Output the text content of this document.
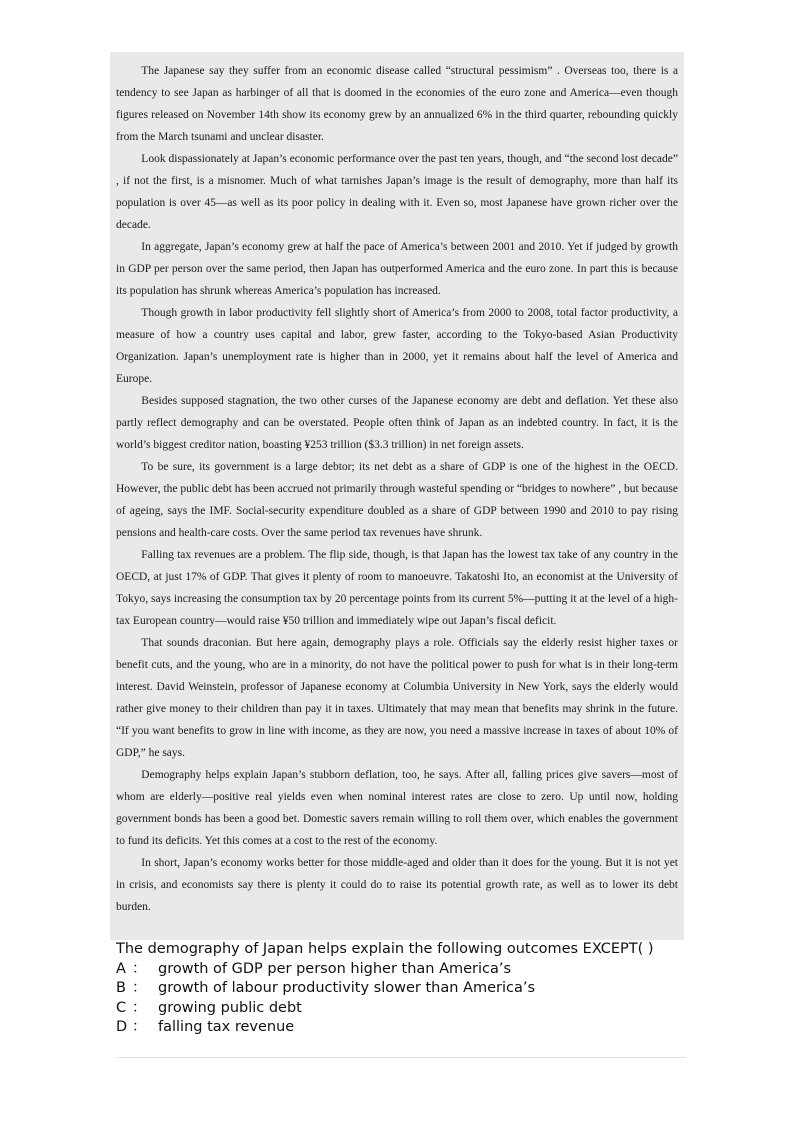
The Japanese say they suffer from an economic disease called “structural pessimism” . Overseas too, there is a tendency to see Japan as harbinger of all that is doomed in the economies of the euro zone and America—even though figures released on November 14th show its economy grew by an annualized 6% in the third quarter, rebounding quickly from the March tsunami and unclear disaster.

Look dispassionately at Japan’s economic performance over the past ten years, though, and “the second lost decade” , if not the first, is a misnomer. Much of what tarnishes Japan’s image is the result of demography, more than half its population is over 45—as well as its poor policy in dealing with it. Even so, most Japanese have grown richer over the decade.

In aggregate, Japan’s economy grew at half the pace of America’s between 2001 and 2010. Yet if judged by growth in GDP per person over the same period, then Japan has outperformed America and the euro zone. In part this is because its population has shrunk whereas America’s population has increased.

Though growth in labor productivity fell slightly short of America’s from 2000 to 2008, total factor productivity, a measure of how a country uses capital and labor, grew faster, according to the Tokyo-based Asian Productivity Organization. Japan’s unemployment rate is higher than in 2000, yet it remains about half the level of America and Europe.

Besides supposed stagnation, the two other curses of the Japanese economy are debt and deflation. Yet these also partly reflect demography and can be overstated. People often think of Japan as an indebted country. In fact, it is the world’s biggest creditor nation, boasting ¥253 trillion ($3.3 trillion) in net foreign assets.

To be sure, its government is a large debtor; its net debt as a share of GDP is one of the highest in the OECD. However, the public debt has been accrued not primarily through wasteful spending or “bridges to nowhere” , but because of ageing, says the IMF. Social-security expenditure doubled as a share of GDP between 1990 and 2010 to pay rising pensions and health-care costs. Over the same period tax revenues have shrunk.

Falling tax revenues are a problem. The flip side, though, is that Japan has the lowest tax take of any country in the OECD, at just 17% of GDP. That gives it plenty of room to manoeuvre. Takatoshi Ito, an economist at the University of Tokyo, says increasing the consumption tax by 20 percentage points from its current 5%—putting it at the level of a high-tax European country—would raise ¥50 trillion and immediately wipe out Japan’s fiscal deficit.

That sounds draconian. But here again, demography plays a role. Officials say the elderly resist higher taxes or benefit cuts, and the young, who are in a minority, do not have the political power to push for what is in their long-term interest. David Weinstein, professor of Japanese economy at Columbia University in New York, says the elderly would rather give money to their children than pay it in taxes. Ultimately that may mean that benefits may shrink in the future. “If you want benefits to grow in line with income, as they are now, you need a massive increase in taxes of about 10% of GDP,” he says.

Demography helps explain Japan’s stubborn deflation, too, he says. After all, falling prices give savers—most of whom are elderly—positive real yields even when nominal interest rates are close to zero. Up until now, holding government bonds has been a good bet. Domestic savers remain willing to roll them over, which enables the government to fund its deficits. Yet this comes at a cost to the rest of the economy.

In short, Japan’s economy works better for those middle-aged and older than it does for the young. But it is not yet in crisis, and economists say there is plenty it could do to raise its potential growth rate, as well as to lower its debt burden.

The demography of Japan helps explain the following outcomes EXCEPT( )

A ： growth of GDP per person higher than America’s
B ： growth of labour productivity slower than America’s
C ： growing public debt
D ： falling tax revenue
